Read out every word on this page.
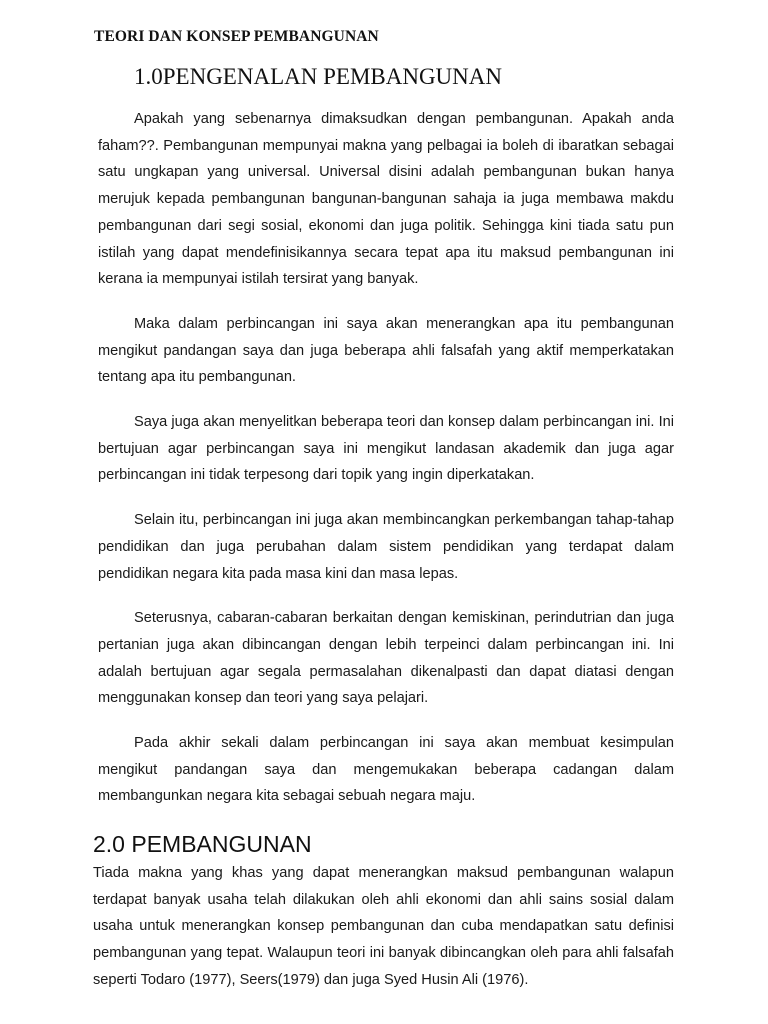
TEORI DAN KONSEP PEMBANGUNAN
1.0PENGENALAN PEMBANGUNAN

Apakah yang sebenarnya dimaksudkan dengan pembangunan. Apakah anda faham??. Pembangunan mempunyai makna yang pelbagai ia boleh di ibaratkan sebagai satu ungkapan yang universal. Universal disini adalah pembangunan bukan hanya merujuk kepada pembangunan bangunan-bangunan sahaja ia juga membawa makdu pembangunan dari segi sosial, ekonomi dan juga politik. Sehingga kini tiada satu pun istilah yang dapat mendefinisikannya secara tepat apa itu maksud pembangunan ini kerana ia mempunyai istilah tersirat yang banyak.

Maka dalam perbincangan ini saya akan menerangkan apa itu pembangunan mengikut pandangan saya dan juga beberapa ahli falsafah yang aktif memperkatakan tentang apa itu pembangunan.

Saya juga akan menyelitkan beberapa teori dan konsep dalam perbincangan ini. Ini bertujuan agar perbincangan saya ini mengikut landasan akademik dan juga agar perbincangan ini tidak terpesong dari topik yang ingin diperkatakan.

Selain itu, perbincangan ini juga akan membincangkan perkembangan tahap-tahap pendidikan dan juga perubahan dalam sistem pendidikan yang terdapat dalam pendidikan negara kita pada masa kini dan masa lepas.

Seterusnya, cabaran-cabaran berkaitan dengan kemiskinan, perindutrian dan juga pertanian juga akan dibincangan dengan lebih terpeinci dalam perbincangan ini. Ini adalah bertujuan agar segala permasalahan dikenalpasti dan dapat diatasi dengan menggunakan konsep dan teori yang saya pelajari.

Pada akhir sekali dalam perbincangan ini saya akan membuat kesimpulan mengikut pandangan saya dan mengemukakan beberapa cadangan dalam membangunkan negara kita sebagai sebuah negara maju.

2.0 PEMBANGUNAN

Tiada makna yang khas yang dapat menerangkan maksud pembangunan walapun terdapat banyak usaha telah dilakukan oleh ahli ekonomi dan ahli sains sosial dalam usaha untuk menerangkan konsep pembangunan dan cuba mendapatkan satu definisi pembangunan yang tepat. Walaupun teori ini banyak dibincangkan oleh para ahli falsafah seperti Todaro (1977), Seers(1979) dan juga Syed Husin Ali (1976).
